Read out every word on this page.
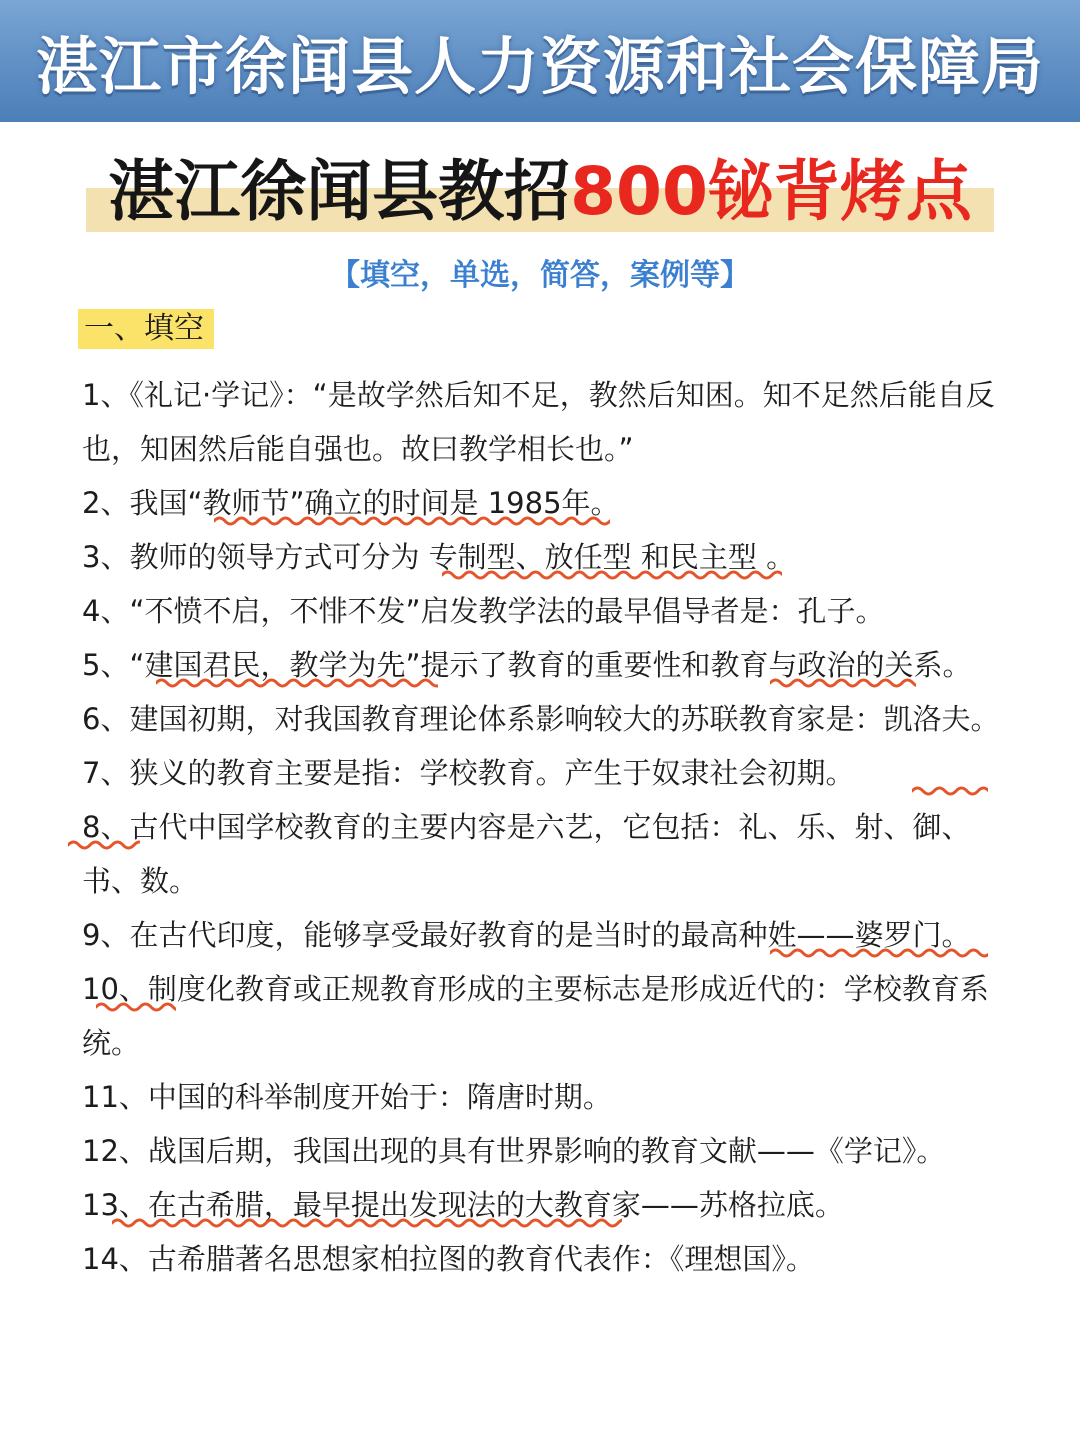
湛江市徐闻县人力资源和社会保障局
湛江徐闻县教招800铋背烤点
【填空，单选，简答，案例等】
一、填空
1、《礼记·学记》：“是故学然后知不足，教然后知困。知不足然后能自反也，知困然后能自强也。故曰教学相长也。”
2、我国“教师节”确立的时间是 1985年。
3、教师的领导方式可分为 专制型、放任型 和民主型 。
4、“不愤不启，不悱不发”启发教学法的最早倡导者是：孔子。
5、“建国君民，教学为先”提示了教育的重要性和教育与政治的关系。
6、建国初期，对我国教育理论体系影响较大的苏联教育家是：凯洛夫。
7、狭义的教育主要是指：学校教育。产生于奴隶社会初期。
8、古代中国学校教育的主要内容是六艺，它包括：礼、乐、射、御、书、数。
9、在古代印度，能够享受最好教育的是当时的最高种姓——婆罗门。
10、制度化教育或正规教育形成的主要标志是形成近代的：学校教育系统。
11、中国的科举制度开始于：隋唐时期。
12、战国后期，我国出现的具有世界影响的教育文献——《学记》。
13、在古希腊，最早提出发现法的大教育家——苏格拉底。
14、古希腊著名思想家柏拉图的教育代表作：《理想国》。
